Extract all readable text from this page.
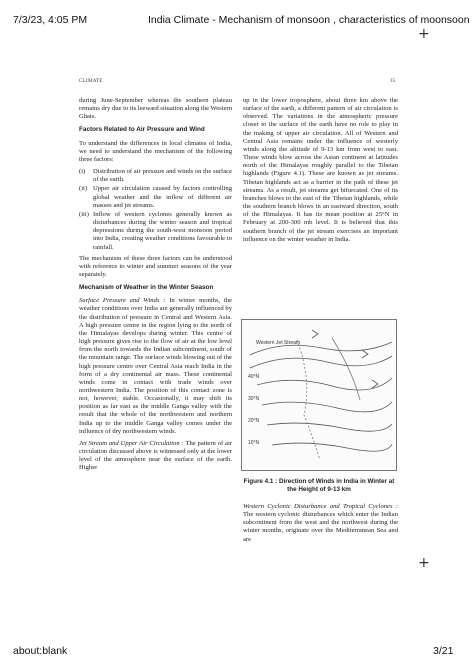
7/3/23, 4:05 PM	India Climate - Mechanism of monsoon , characteristics of moonsoon
+
+
CLIMATE	35

during June-September whereas the southern plateau remains dry due to its leeward situation along the Western Ghats.

Factors Related to Air Pressure and Wind

To understand the differences in local climates of India, we need to understand the mechanism of the following three factors:

(i) Distribution of air pressure and winds on the surface of the earth.
(ii) Upper air circulation caused by factors controlling global weather and the inflow of different air masses and jet streams.
(iii) Inflow of western cyclones generally known as disturbances during the winter season and tropical depressions during the south-west monsoon period into India, creating weather conditions favourable to rainfall.

The mechanism of these three factors can be understood with reference to winter and summer seasons of the year separately.

Mechanism of Weather in the Winter Season

Surface Pressure and Winds : In winter months, the weather conditions over India are generally influenced by the distribution of pressure in Central and Western Asia. A high pressure centre in the region lying to the north of the Himalayas develops during winter. This centre of high pressure gives rise to the flow of air at the low level from the north towards the Indian subcontinent, south of the mountain range. The surface winds blowing out of the high pressure centre over Central Asia reach India in the form of a dry continental air mass. These continental winds come in contact with trade winds over northwestern India. The position of this contact zone is not, however, stable. Occasionally, it may shift its position as far east as the middle Ganga valley with the result that the whole of the northwestern and northern India up to the middle Ganga valley comes under the influence of dry northwestern winds.

Jet Stream and Upper Air Circulation : The pattern of air circulation discussed above is witnessed only at the lower level of the atmosphere near the surface of the earth. Higher

up in the lower troposphere, about three km above the surface of the earth, a different pattern of air circulation is observed. The variations in the atmospheric pressure closer to the surface of the earth have no role to play in the making of upper air circulation. All of Western and Central Asia remains under the influence of westerly winds along the altitude of 9-13 km from west to east. These winds blow across the Asian continent at latitudes north of the Himalayas roughly parallel to the Tibetan highlands (Figure 4.1). These are known as jet streams. Tibetan highlands act as a barrier in the path of these jet streams. As a result, jet streams get bifurcated. One of its branches blows to the east of the Tibetan highlands, while the southern branch blows in an eastward direction, south of the Himalayas. It has its mean position at 25°N in February at 200-300 mb level. It is believed that this southern branch of the jet stream exercises an important influence on the winter weather in India.

Western Jet Stream
40°N
30°N
20°N
10°N
Figure 4.1 : Direction of Winds in India in Winter at the Height of 9-13 km

Western Cyclonic Disturbance and Tropical Cyclones : The western cyclonic disturbances which enter the Indian subcontinent from the west and the northwest during the winter months, originate over the Mediterranean Sea and are

about:blank	3/21
